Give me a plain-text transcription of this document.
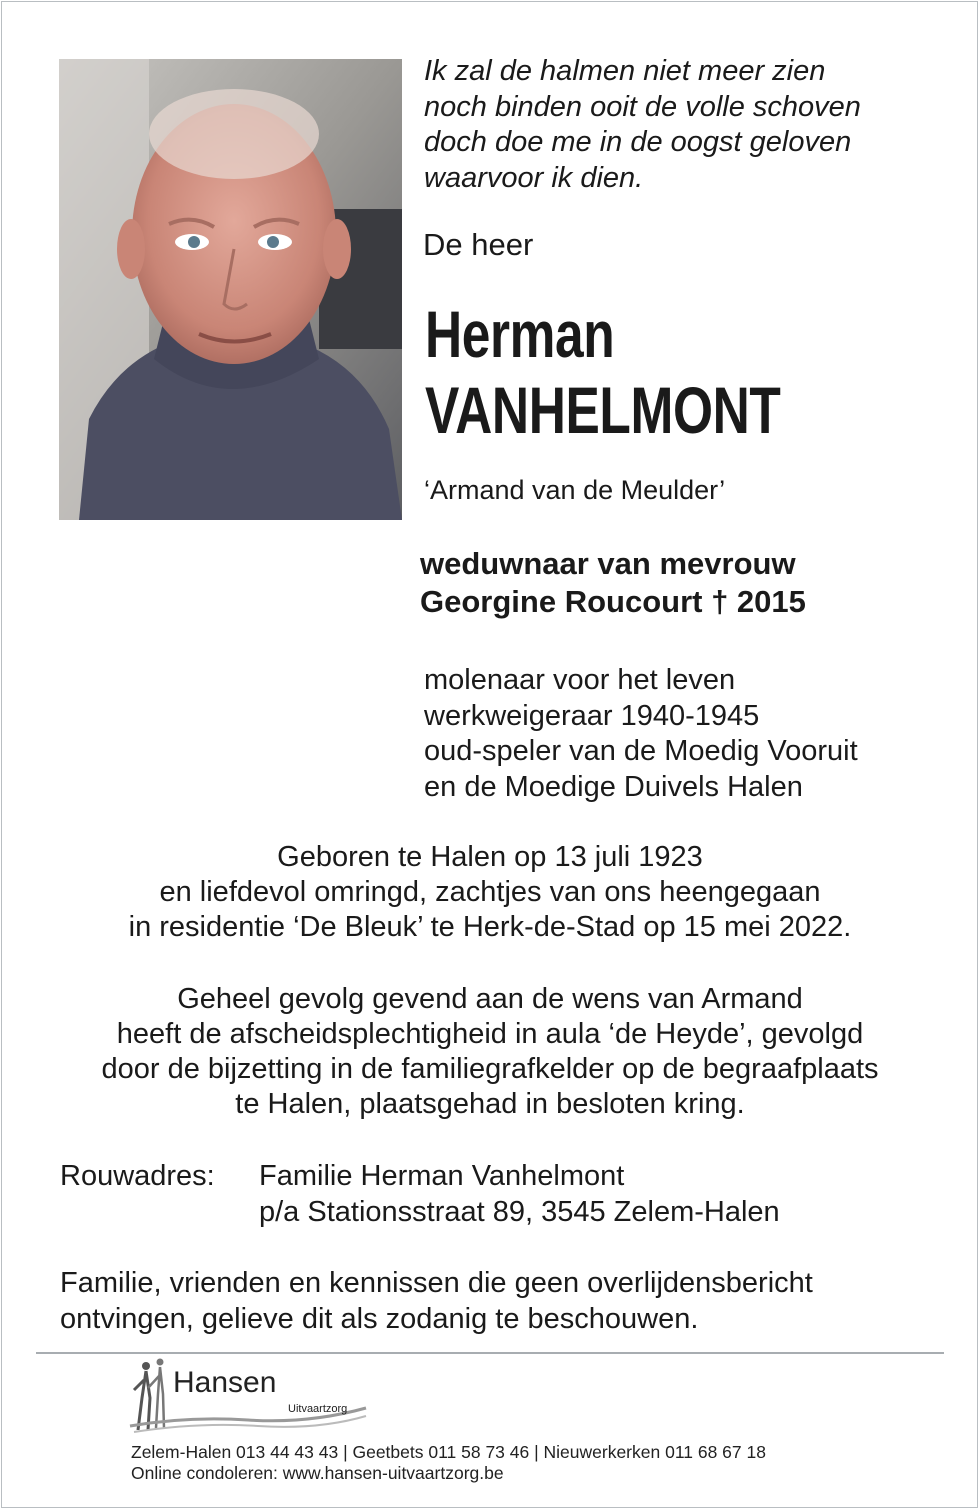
Ik zal de halmen niet meer zien
noch binden ooit de volle schoven
doch doe me in de oogst geloven
waarvoor ik dien.
De heer
Herman
VANHELMONT
‘Armand van de Meulder’
weduwnaar van mevrouw
Georgine Roucourt † 2015
molenaar voor het leven
werkweigeraar 1940-1945
oud-speler van de Moedig Vooruit
en de Moedige Duivels Halen
Geboren te Halen op 13 juli 1923
en liefdevol omringd, zachtjes van ons heengegaan
in residentie ‘De Bleuk’ te Herk-de-Stad op 15 mei 2022.
Geheel gevolg gevend aan de wens van Armand
heeft de afscheidsplechtigheid in aula ‘de Heyde’, gevolgd
door de bijzetting in de familiegrafkelder op de begraafplaats
te Halen, plaatsgehad in besloten kring.
Rouwadres: Familie Herman Vanhelmont
p/a Stationsstraat 89, 3545 Zelem-Halen
Familie, vrienden en kennissen die geen overlijdensbericht
ontvingen, gelieve dit als zodanig te beschouwen.
Hansen
Uitvaartzorg
Zelem-Halen 013 44 43 43 | Geetbets 011 58 73 46 | Nieuwerkerken 011 68 67 18
Online condoleren: www.hansen-uitvaartzorg.be
